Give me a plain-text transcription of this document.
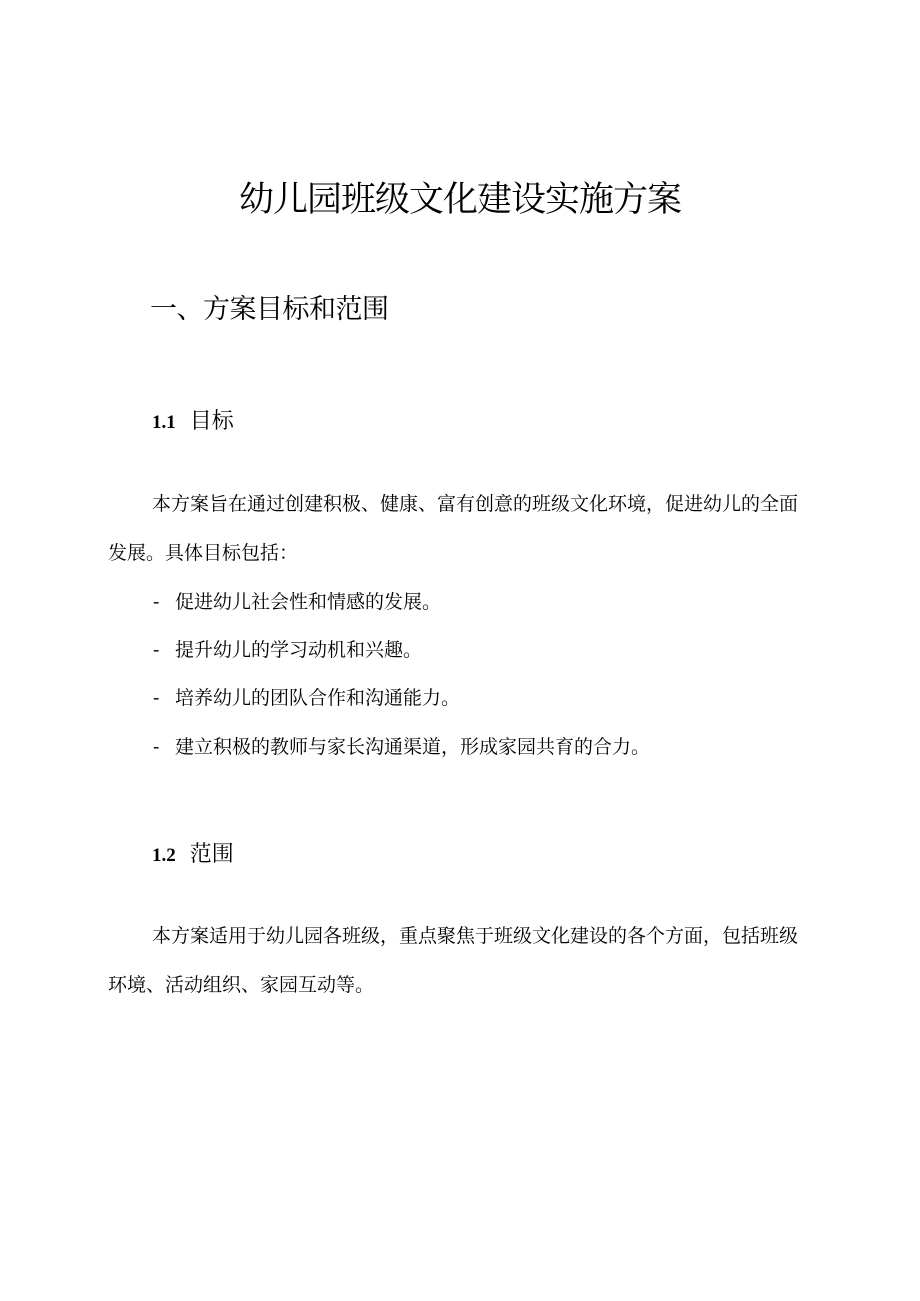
幼儿园班级文化建设实施方案
一、方案目标和范围
1.1 目标

本方案旨在通过创建积极、健康、富有创意的班级文化环境，促进幼儿的全面发展。具体目标包括：

- 促进幼儿社会性和情感的发展。

- 提升幼儿的学习动机和兴趣。

- 培养幼儿的团队合作和沟通能力。

- 建立积极的教师与家长沟通渠道，形成家园共育的合力。

1.2 范围

本方案适用于幼儿园各班级，重点聚焦于班级文化建设的各个方面，包括班级环境、活动组织、家园互动等。
